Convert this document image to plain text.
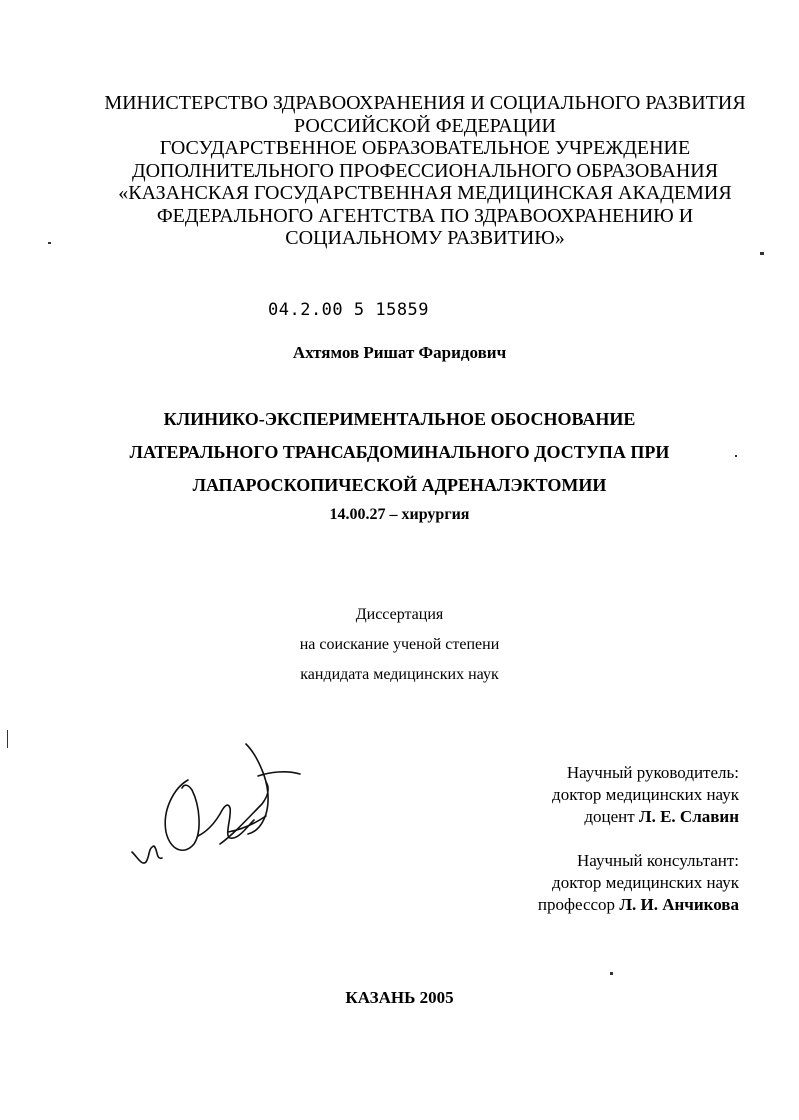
МИНИСТЕРСТВО ЗДРАВООХРАНЕНИЯ И СОЦИАЛЬНОГО РАЗВИТИЯ
РОССИЙСКОЙ ФЕДЕРАЦИИ
ГОСУДАРСТВЕННОЕ ОБРАЗОВАТЕЛЬНОЕ УЧРЕЖДЕНИЕ
ДОПОЛНИТЕЛЬНОГО ПРОФЕССИОНАЛЬНОГО ОБРАЗОВАНИЯ
«КАЗАНСКАЯ ГОСУДАРСТВЕННАЯ МЕДИЦИНСКАЯ АКАДЕМИЯ
ФЕДЕРАЛЬНОГО АГЕНТСТВА ПО ЗДРАВООХРАНЕНИЮ И
СОЦИАЛЬНОМУ РАЗВИТИЮ»
04.2.00 5 15859
Ахтямов Ришат Фаридович
КЛИНИКО-ЭКСПЕРИМЕНТАЛЬНОЕ ОБОСНОВАНИЕ
ЛАТЕРАЛЬНОГО ТРАНСАБДОМИНАЛЬНОГО ДОСТУПА ПРИ
ЛАПАРОСКОПИЧЕСКОЙ АДРЕНАЛЭКТОМИИ
14.00.27 – хирургия
Диссертация
на соискание ученой степени
кандидата медицинских наук
Научный руководитель:
доктор медицинских наук
доцент Л. Е. Славин
Научный консультант:
доктор медицинских наук
профессор Л. И. Анчикова
КАЗАНЬ 2005
